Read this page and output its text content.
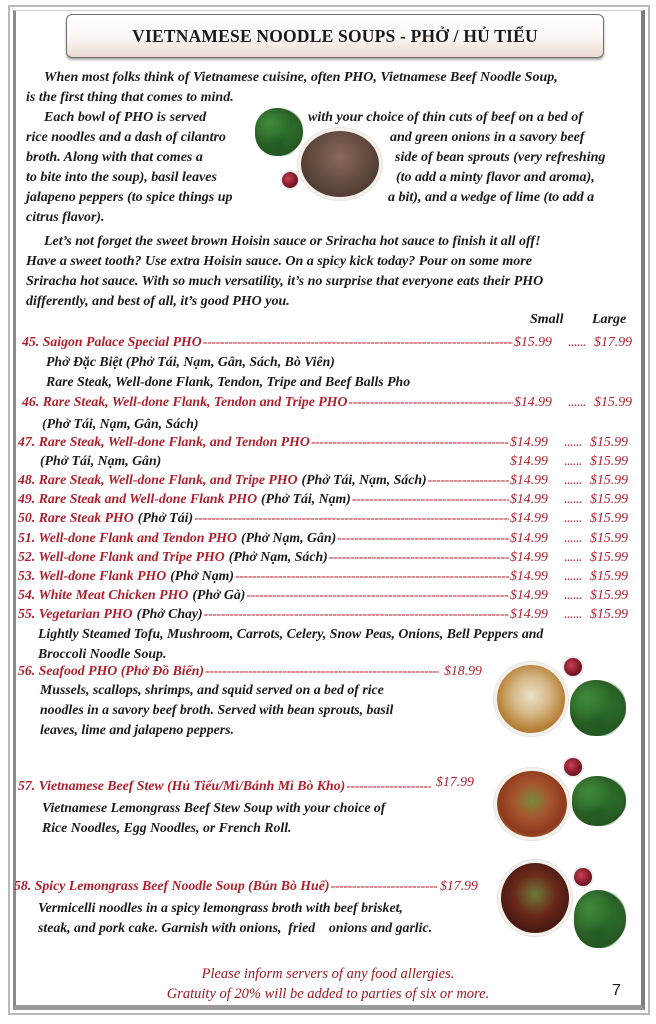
VIETNAMESE NOODLE SOUPS - PHỞ / HỦ TIẾU
When most folks think of Vietnamese cuisine, often PHO, Vietnamese Beef Noodle Soup,
is the first thing that comes to mind.
Each bowl of PHO is served
rice noodles and a dash of cilantro
broth. Along with that comes a
to bite into the soup), basil leaves
jalapeno peppers (to spice things up
citrus flavor).
with your choice of thin cuts of beef on a bed of
and green onions in a savory beef
side of bean sprouts (very refreshing
(to add a minty flavor and aroma),
a bit), and a wedge of lime (to add a
Let’s not forget the sweet brown Hoisin sauce or Sriracha hot sauce to finish it all off!
Have a sweet tooth? Use extra Hoisin sauce. On a spicy kick today? Pour on some more
Sriracha hot sauce. With so much versatility, it’s no surprise that everyone eats their PHO
differently, and best of all, it’s good PHO you.
Small Large
45. Saigon Palace Special PHO -----	$15.99	...... $17.99
Phở Đặc Biệt (Phở Tái, Nạm, Gân, Sách, Bò Viên)
Rare Steak, Well-done Flank, Tendon, Tripe and Beef Balls Pho
46. Rare Steak, Well-done Flank, Tendon and Tripe PHO -----	$14.99	...... $15.99
(Phở Tái, Nạm, Gân, Sách)
47. Rare Steak, Well-done Flank, and Tendon PHO -----	$14.99	...... $15.99
(Phở Tái, Nạm, Gân)	$14.99	...... $15.99
48. Rare Steak, Well-done Flank, and Tripe PHO (Phở Tái, Nạm, Sách) -----	$14.99	...... $15.99
49. Rare Steak and Well-done Flank PHO (Phở Tái, Nạm) -----	$14.99	...... $15.99
50. Rare Steak PHO (Phở Tái) -----	$14.99	...... $15.99
51. Well-done Flank and Tendon PHO (Phở Nạm, Gân) -----	$14.99	...... $15.99
52. Well-done Flank and Tripe PHO (Phở Nạm, Sách) -----	$14.99	...... $15.99
53. Well-done Flank PHO (Phở Nạm) -----	$14.99	...... $15.99
54. White Meat Chicken PHO (Phở Gà) -----	$14.99	...... $15.99
55. Vegetarian PHO (Phở Chay) -----	$14.99	...... $15.99
Lightly Steamed Tofu, Mushroom, Carrots, Celery, Snow Peas, Onions, Bell Peppers and
Broccoli Noodle Soup.
56. Seafood PHO (Phở Đồ Biển) -----	$18.99
Mussels, scallops, shrimps, and squid served on a bed of rice
noodles in a savory beef broth. Served with bean sprouts, basil
leaves, lime and jalapeno peppers.
57. Vietnamese Beef Stew (Hủ Tiếu/Mì/Bánh Mì Bò Kho) -----	$17.99
Vietnamese Lemongrass Beef Stew Soup with your choice of
Rice Noodles, Egg Noodles, or French Roll.
58. Spicy Lemongrass Beef Noodle Soup (Bún Bò Huế) -----	$17.99
Vermicelli noodles in a spicy lemongrass broth with beef brisket,
steak, and pork cake. Garnish with onions,  fried    onions and garlic.
Please inform servers of any food allergies.
Gratuity of 20% will be added to parties of six or more.	7
